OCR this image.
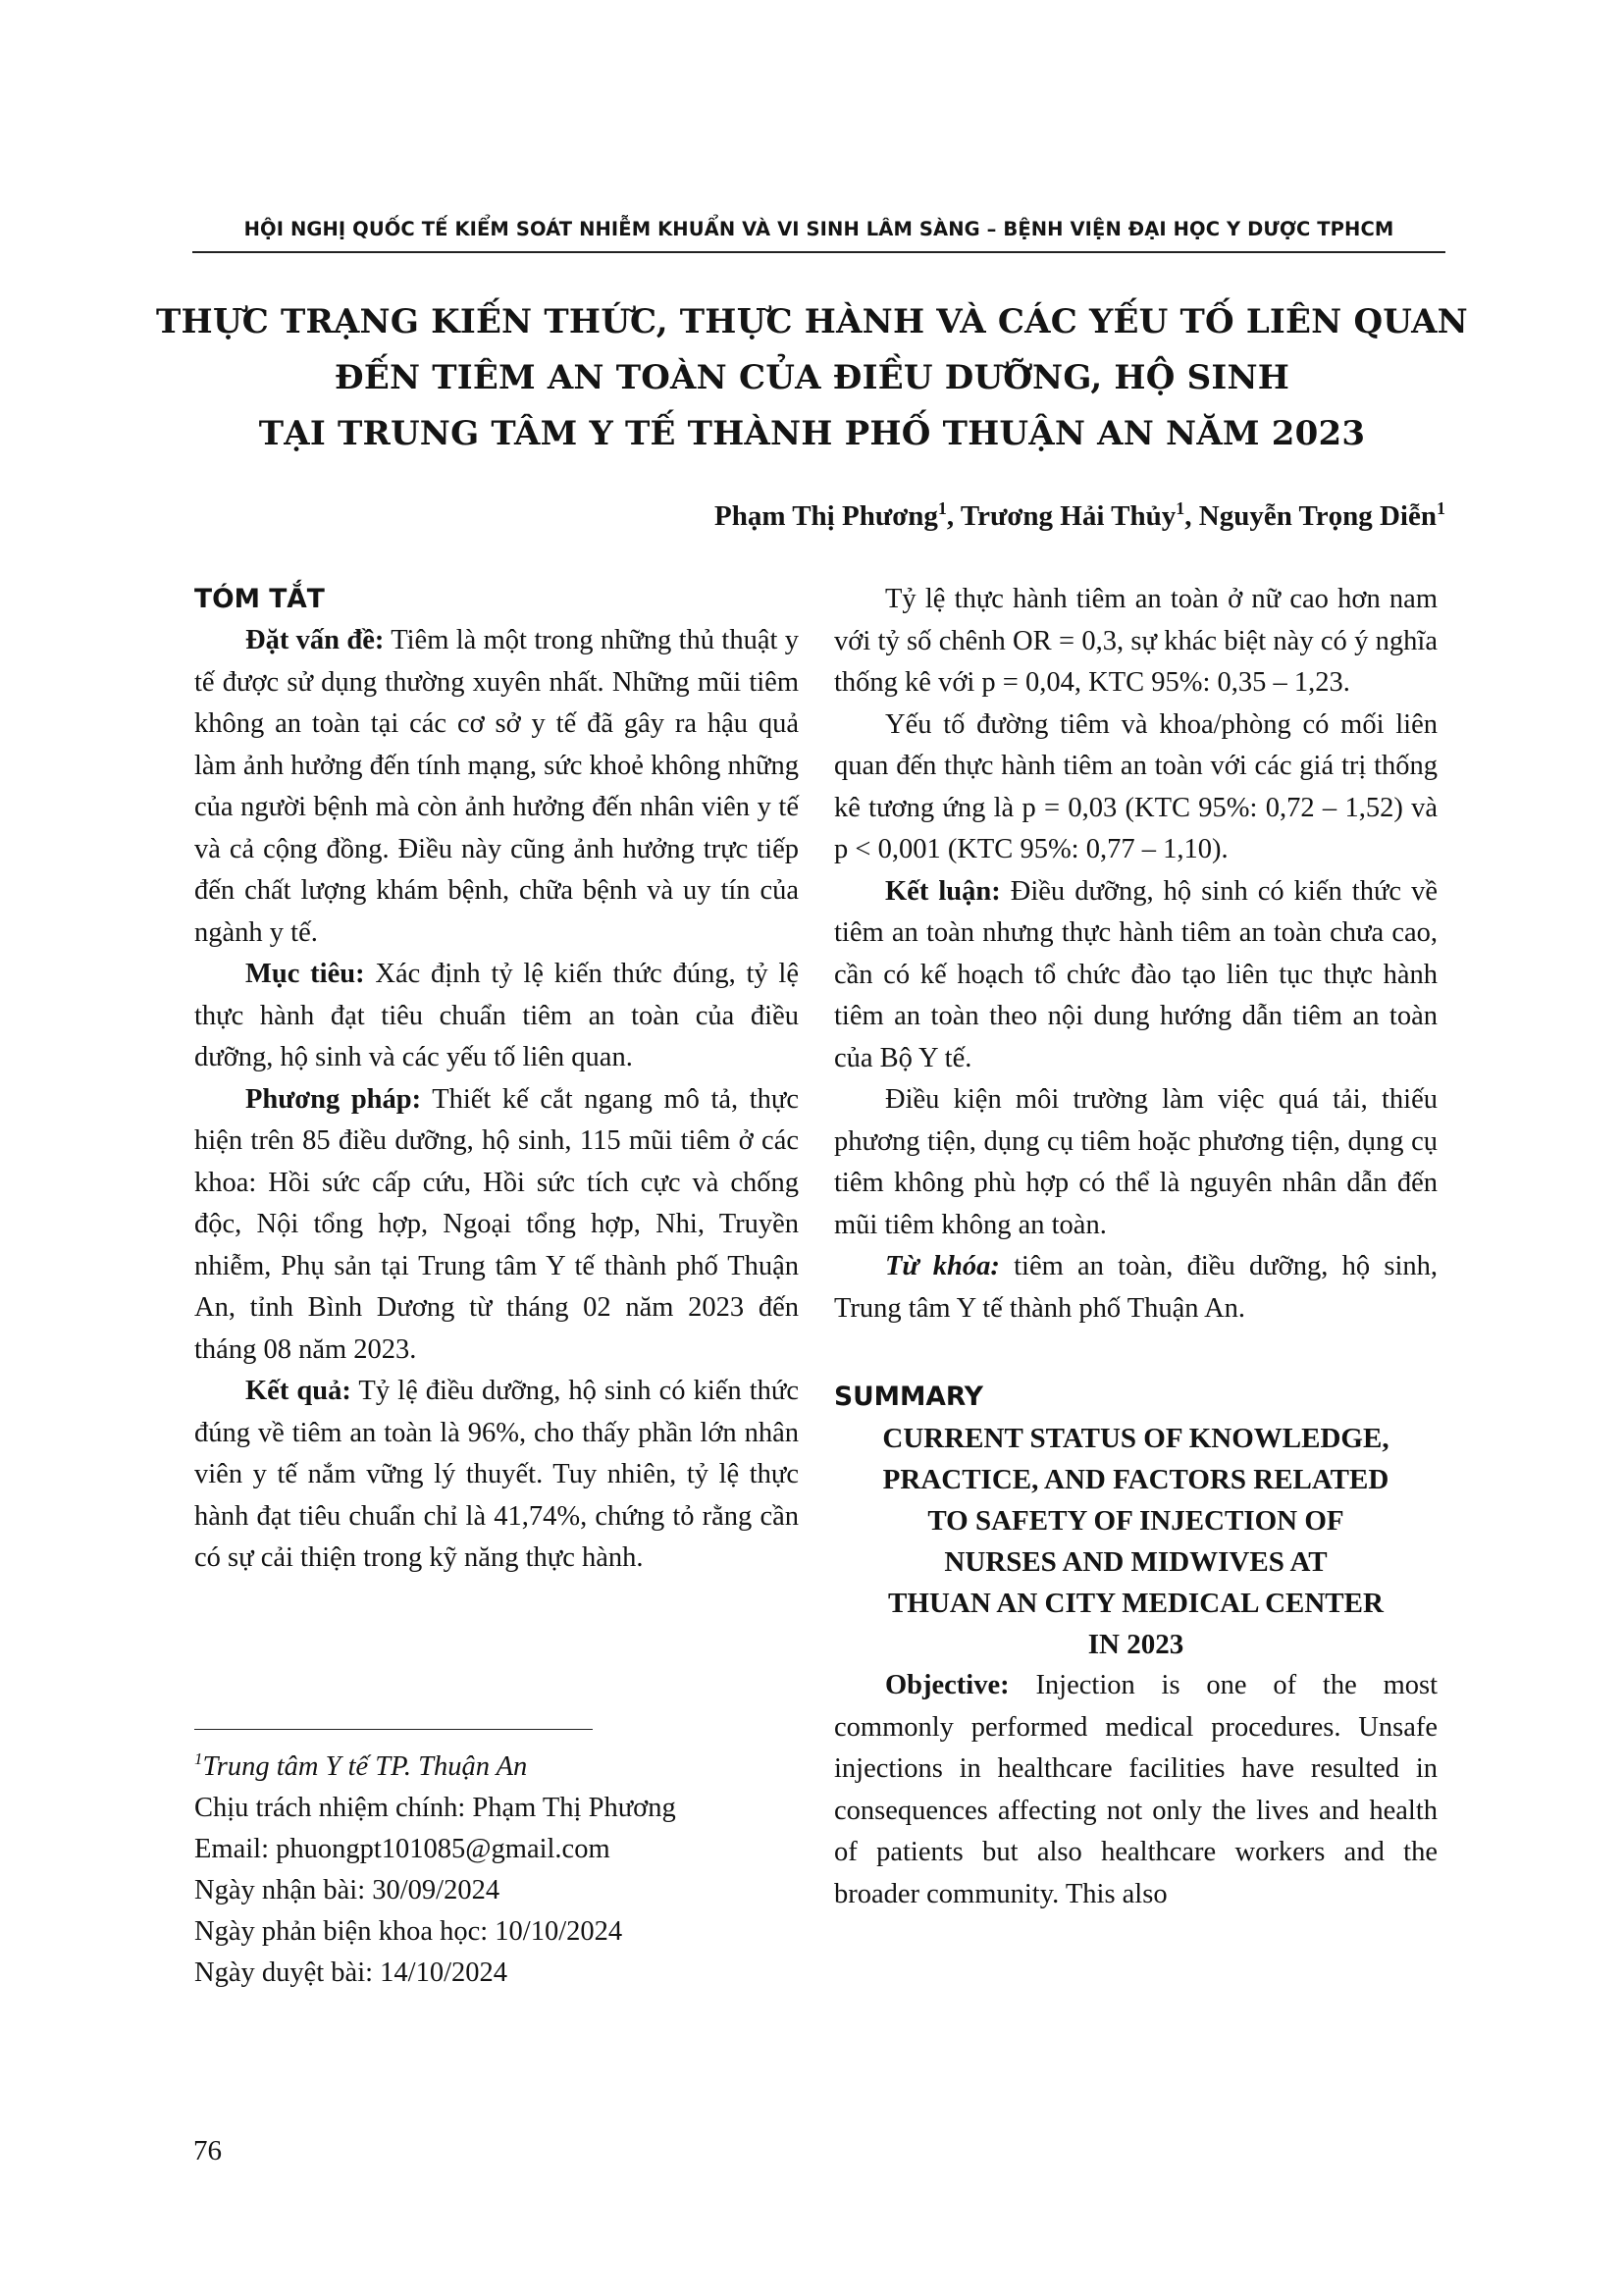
HỘI NGHỊ QUỐC TẾ KIỂM SOÁT NHIỄM KHUẨN VÀ VI SINH LÂM SÀNG – BỆNH VIỆN ĐẠI HỌC Y DƯỢC TPHCM
THỰC TRẠNG KIẾN THỨC, THỰC HÀNH VÀ CÁC YẾU TỐ LIÊN QUAN
ĐẾN TIÊM AN TOÀN CỦA ĐIỀU DƯỠNG, HỘ SINH
TẠI TRUNG TÂM Y TẾ THÀNH PHỐ THUẬN AN NĂM 2023
Phạm Thị Phương$^1$, Trương Hải Thủy$^1$, Nguyễn Trọng Diễn$^1$
TÓM TẮT

Đặt vấn đề: Tiêm là một trong những thủ thuật y tế được sử dụng thường xuyên nhất. Những mũi tiêm không an toàn tại các cơ sở y tế đã gây ra hậu quả làm ảnh hưởng đến tính mạng, sức khoẻ không những của người bệnh mà còn ảnh hưởng đến nhân viên y tế và cả cộng đồng. Điều này cũng ảnh hưởng trực tiếp đến chất lượng khám bệnh, chữa bệnh và uy tín của ngành y tế.

Mục tiêu: Xác định tỷ lệ kiến thức đúng, tỷ lệ thực hành đạt tiêu chuẩn tiêm an toàn của điều dưỡng, hộ sinh và các yếu tố liên quan.

Phương pháp: Thiết kế cắt ngang mô tả, thực hiện trên 85 điều dưỡng, hộ sinh, 115 mũi tiêm ở các khoa: Hồi sức cấp cứu, Hồi sức tích cực và chống độc, Nội tổng hợp, Ngoại tổng hợp, Nhi, Truyền nhiễm, Phụ sản tại Trung tâm Y tế thành phố Thuận An, tỉnh Bình Dương từ tháng 02 năm 2023 đến tháng 08 năm 2023.

Kết quả: Tỷ lệ điều dưỡng, hộ sinh có kiến thức đúng về tiêm an toàn là 96%, cho thấy phần lớn nhân viên y tế nắm vững lý thuyết. Tuy nhiên, tỷ lệ thực hành đạt tiêu chuẩn chỉ là 41,74%, chứng tỏ rằng cần có sự cải thiện trong kỹ năng thực hành.

$^1$Trung tâm Y tế TP. Thuận An
Chịu trách nhiệm chính: Phạm Thị Phương
Email: phuongpt101085@gmail.com
Ngày nhận bài: 30/09/2024
Ngày phản biện khoa học: 10/10/2024
Ngày duyệt bài: 14/10/2024

Tỷ lệ thực hành tiêm an toàn ở nữ cao hơn nam với tỷ số chênh OR = 0,3, sự khác biệt này có ý nghĩa thống kê với p = 0,04, KTC 95%: 0,35 – 1,23.

Yếu tố đường tiêm và khoa/phòng có mối liên quan đến thực hành tiêm an toàn với các giá trị thống kê tương ứng là p = 0,03 (KTC 95%: 0,72 – 1,52) và p < 0,001 (KTC 95%: 0,77 – 1,10).

Kết luận: Điều dưỡng, hộ sinh có kiến thức về tiêm an toàn nhưng thực hành tiêm an toàn chưa cao, cần có kế hoạch tổ chức đào tạo liên tục thực hành tiêm an toàn theo nội dung hướng dẫn tiêm an toàn của Bộ Y tế.

Điều kiện môi trường làm việc quá tải, thiếu phương tiện, dụng cụ tiêm hoặc phương tiện, dụng cụ tiêm không phù hợp có thể là nguyên nhân dẫn đến mũi tiêm không an toàn.

Từ khóa: tiêm an toàn, điều dưỡng, hộ sinh, Trung tâm Y tế thành phố Thuận An.

SUMMARY
CURRENT STATUS OF KNOWLEDGE,
PRACTICE, AND FACTORS RELATED
TO SAFETY OF INJECTION OF
NURSES AND MIDWIVES AT
THUAN AN CITY MEDICAL CENTER
IN 2023

Objective: Injection is one of the most commonly performed medical procedures. Unsafe injections in healthcare facilities have resulted in consequences affecting not only the lives and health of patients but also healthcare workers and the broader community. This also

76
